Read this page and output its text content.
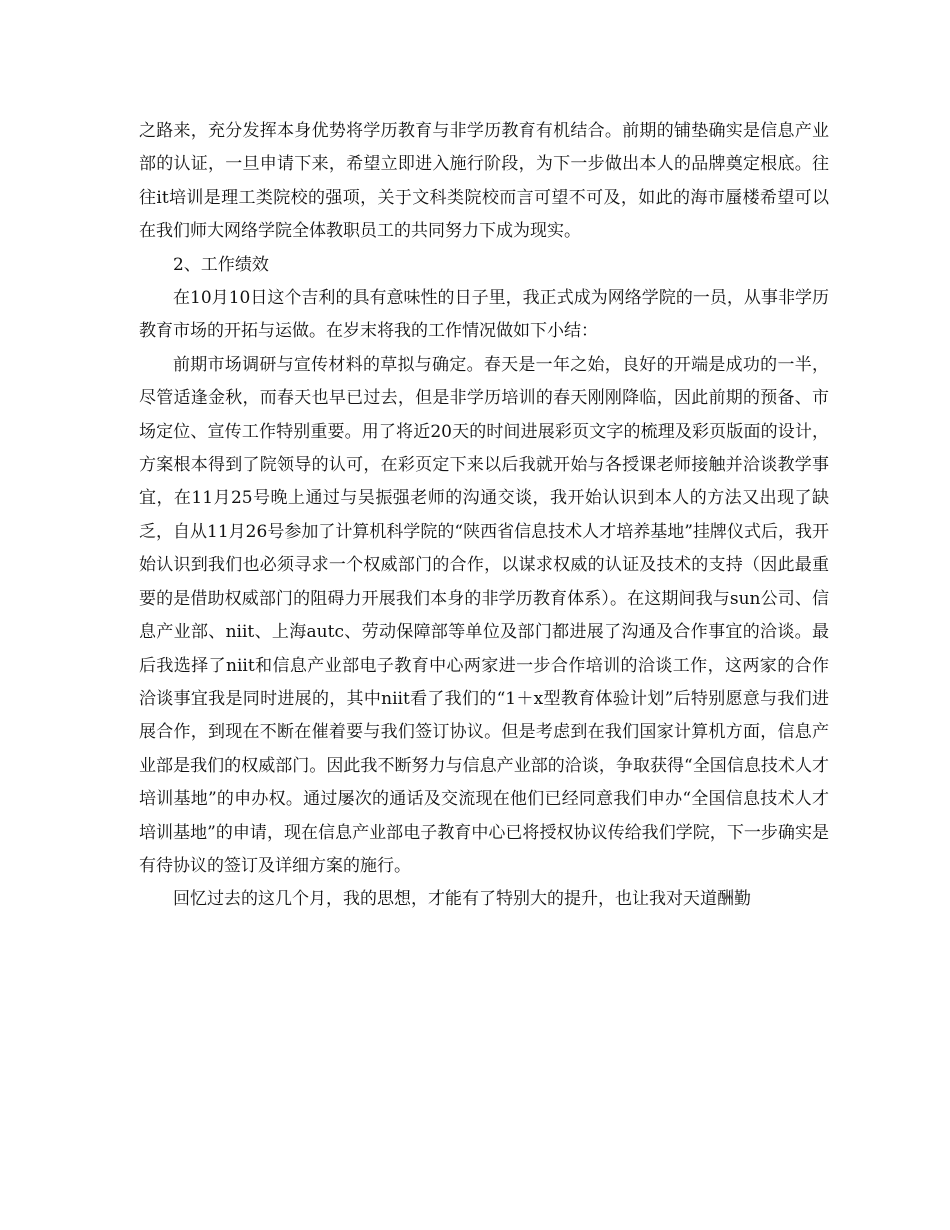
之路来，充分发挥本身优势将学历教育与非学历教育有机结合。前期的铺垫确实是信息产业部的认证，一旦申请下来，希望立即进入施行阶段，为下一步做出本人的品牌奠定根底。往往it培训是理工类院校的强项，关于文科类院校而言可望不可及，如此的海市蜃楼希望可以在我们师大网络学院全体教职员工的共同努力下成为现实。

2、工作绩效

在10月10日这个吉利的具有意味性的日子里，我正式成为网络学院的一员，从事非学历教育市场的开拓与运做。在岁末将我的工作情况做如下小结：

前期市场调研与宣传材料的草拟与确定。春天是一年之始，良好的开端是成功的一半，尽管适逢金秋，而春天也早已过去，但是非学历培训的春天刚刚降临，因此前期的预备、市场定位、宣传工作特别重要。用了将近20天的时间进展彩页文字的梳理及彩页版面的设计，方案根本得到了院领导的认可，在彩页定下来以后我就开始与各授课老师接触并洽谈教学事宜，在11月25号晚上通过与吴振强老师的沟通交谈，我开始认识到本人的方法又出现了缺乏，自从11月26号参加了计算机科学院的“陕西省信息技术人才培养基地”挂牌仪式后，我开始认识到我们也必须寻求一个权威部门的合作，以谋求权威的认证及技术的支持（因此最重要的是借助权威部门的阻碍力开展我们本身的非学历教育体系）。在这期间我与sun公司、信息产业部、niit、上海autc、劳动保障部等单位及部门都进展了沟通及合作事宜的洽谈。最后我选择了niit和信息产业部电子教育中心两家进一步合作培训的洽谈工作，这两家的合作洽谈事宜我是同时进展的，其中niit看了我们的“1＋x型教育体验计划”后特别愿意与我们进展合作，到现在不断在催着要与我们签订协议。但是考虑到在我们国家计算机方面，信息产业部是我们的权威部门。因此我不断努力与信息产业部的洽谈，争取获得“全国信息技术人才培训基地”的申办权。通过屡次的通话及交流现在他们已经同意我们申办“全国信息技术人才培训基地”的申请，现在信息产业部电子教育中心已将授权协议传给我们学院，下一步确实是有待协议的签订及详细方案的施行。

回忆过去的这几个月，我的思想，才能有了特别大的提升，也让我对天道酬勤
